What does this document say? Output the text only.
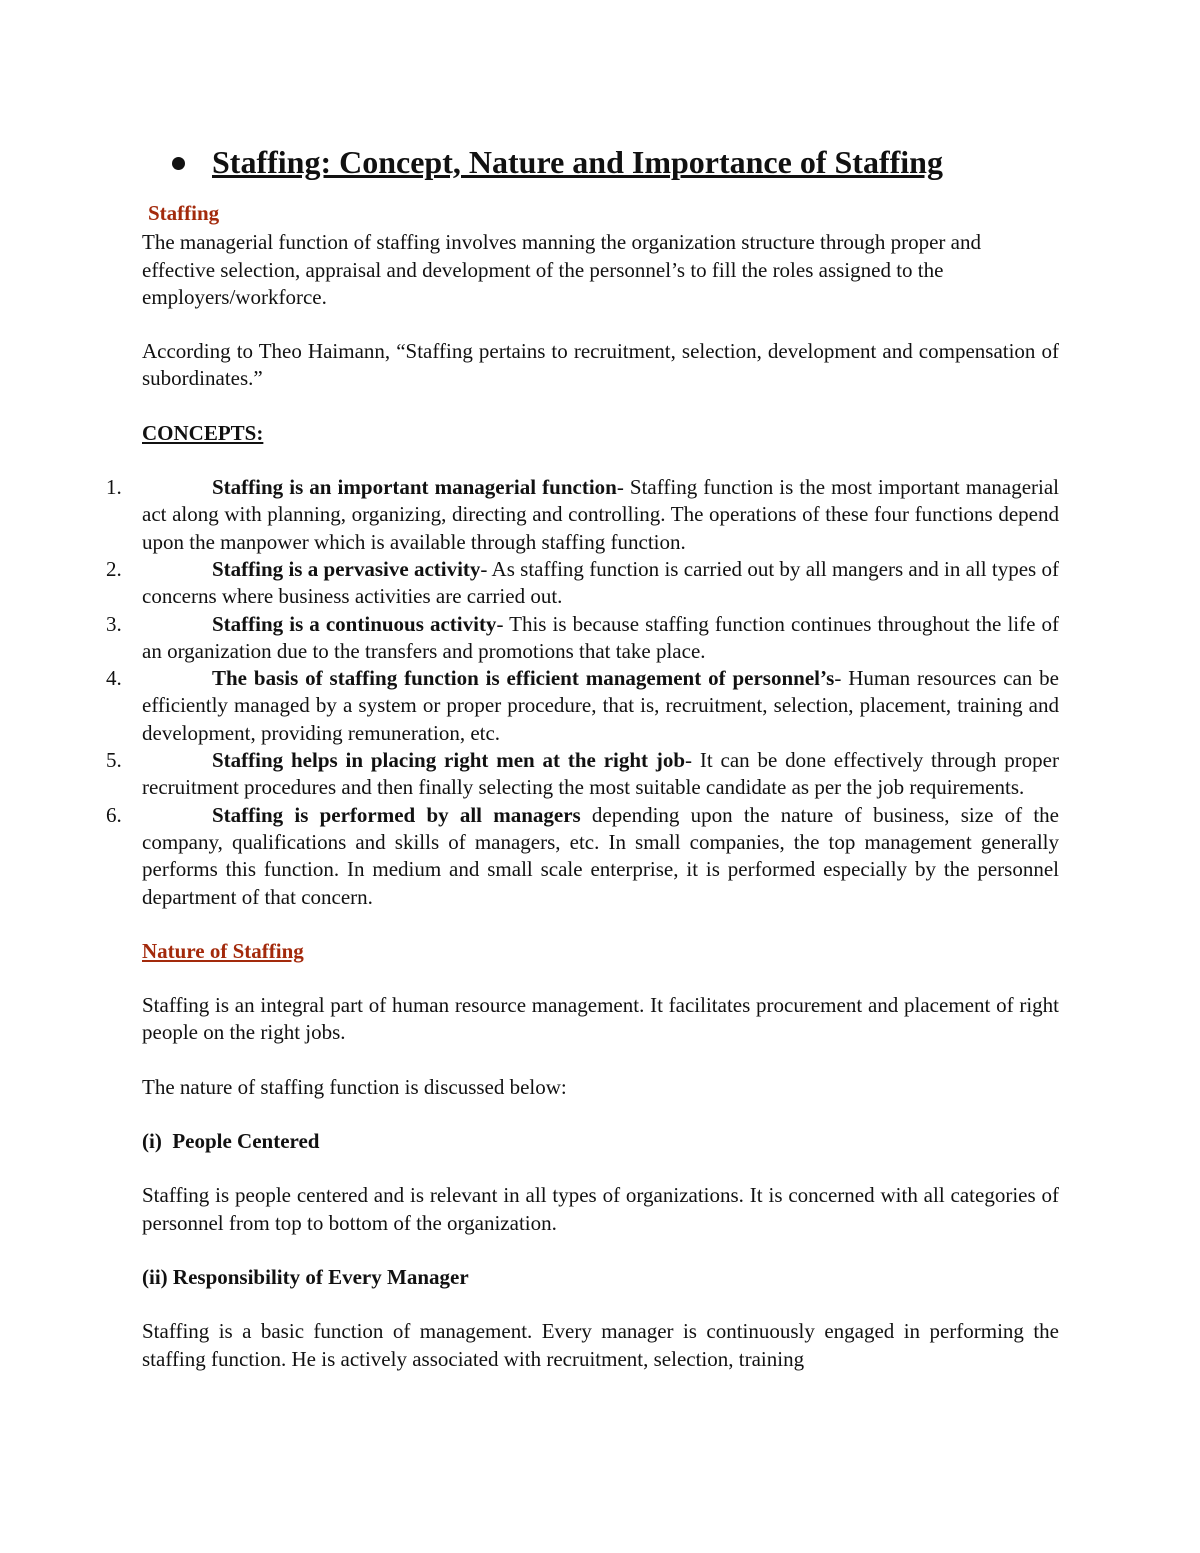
Staffing: Concept, Nature and Importance of Staffing

Staffing

The managerial function of staffing involves manning the organization structure through proper and effective selection, appraisal and development of the personnel’s to fill the roles assigned to the employers/workforce.

According to Theo Haimann, “Staffing pertains to recruitment, selection, development and compensation of subordinates.”

CONCEPTS:

1.	Staffing is an important managerial function- Staffing function is the most important managerial act along with planning, organizing, directing and controlling. The operations of these four functions depend upon the manpower which is available through staffing function.
2.	Staffing is a pervasive activity- As staffing function is carried out by all mangers and in all types of concerns where business activities are carried out.
3.	Staffing is a continuous activity- This is because staffing function continues throughout the life of an organization due to the transfers and promotions that take place.
4.	The basis of staffing function is efficient management of personnel’s- Human resources can be efficiently managed by a system or proper procedure, that is, recruitment, selection, placement, training and development, providing remuneration, etc.
5.	Staffing helps in placing right men at the right job- It can be done effectively through proper recruitment procedures and then finally selecting the most suitable candidate as per the job requirements.
6.	Staffing is performed by all managers depending upon the nature of business, size of the company, qualifications and skills of managers, etc. In small companies, the top management generally performs this function. In medium and small scale enterprise, it is performed especially by the personnel department of that concern.

Nature of Staffing

Staffing is an integral part of human resource management. It facilitates procurement and placement of right people on the right jobs.

The nature of staffing function is discussed below:

(i)  People Centered

Staffing is people centered and is relevant in all types of organizations. It is concerned with all categories of personnel from top to bottom of the organization.

(ii) Responsibility of Every Manager

Staffing is a basic function of management. Every manager is continuously engaged in performing the staffing function. He is actively associated with recruitment, selection, training
